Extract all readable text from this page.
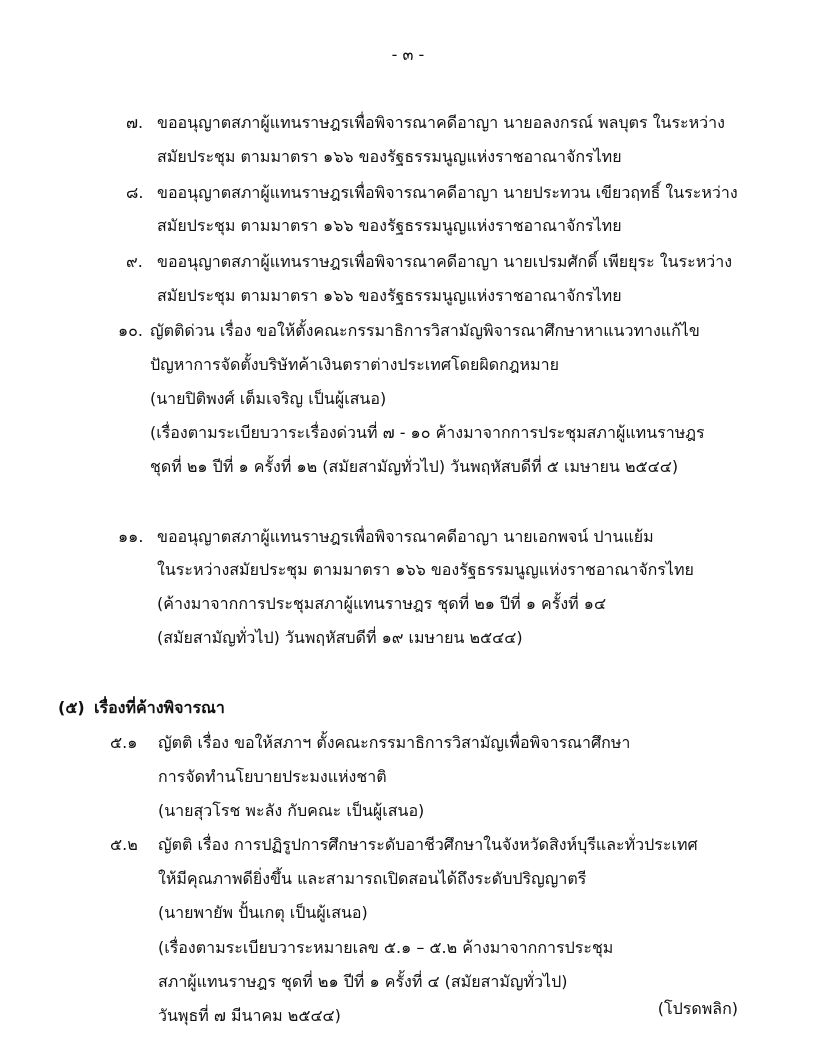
- ๓ -
๗. ขออนุญาตสภาผู้แทนราษฎรเพื่อพิจารณาคดีอาญา นายอลงกรณ์ พลบุตร ในระหว่าง
สมัยประชุม ตามมาตรา ๑๖๖ ของรัฐธรรมนูญแห่งราชอาณาจักรไทย
๘. ขออนุญาตสภาผู้แทนราษฎรเพื่อพิจารณาคดีอาญา นายประทวน เขียวฤทธิ์ ในระหว่าง
สมัยประชุม ตามมาตรา ๑๖๖ ของรัฐธรรมนูญแห่งราชอาณาจักรไทย
๙. ขออนุญาตสภาผู้แทนราษฎรเพื่อพิจารณาคดีอาญา นายเปรมศักดิ์ เพียยุระ ในระหว่าง
สมัยประชุม ตามมาตรา ๑๖๖ ของรัฐธรรมนูญแห่งราชอาณาจักรไทย
๑๐. ญัตติด่วน เรื่อง ขอให้ตั้งคณะกรรมาธิการวิสามัญพิจารณาศึกษาหาแนวทางแก้ไข
ปัญหาการจัดตั้งบริษัทค้าเงินตราต่างประเทศโดยผิดกฎหมาย
(นายปิติพงศ์ เต็มเจริญ เป็นผู้เสนอ)
(เรื่องตามระเบียบวาระเรื่องด่วนที่ ๗ - ๑๐ ค้างมาจากการประชุมสภาผู้แทนราษฎร
ชุดที่ ๒๑ ปีที่ ๑ ครั้งที่ ๑๒ (สมัยสามัญทั่วไป) วันพฤหัสบดีที่ ๕ เมษายน ๒๕๔๔)
๑๑. ขออนุญาตสภาผู้แทนราษฎรเพื่อพิจารณาคดีอาญา นายเอกพจน์ ปานแย้ม
ในระหว่างสมัยประชุม ตามมาตรา ๑๖๖ ของรัฐธรรมนูญแห่งราชอาณาจักรไทย
(ค้างมาจากการประชุมสภาผู้แทนราษฎร ชุดที่ ๒๑ ปีที่ ๑ ครั้งที่ ๑๔
(สมัยสามัญทั่วไป) วันพฤหัสบดีที่ ๑๙ เมษายน ๒๕๔๔)
(๕) เรื่องที่ค้างพิจารณา
๕.๑ ญัตติ เรื่อง ขอให้สภาฯ ตั้งคณะกรรมาธิการวิสามัญเพื่อพิจารณาศึกษา
การจัดทำนโยบายประมงแห่งชาติ
(นายสุวโรช พะลัง กับคณะ เป็นผู้เสนอ)
๕.๒ ญัตติ เรื่อง การปฏิรูปการศึกษาระดับอาชีวศึกษาในจังหวัดสิงห์บุรีและทั่วประเทศ
ให้มีคุณภาพดียิ่งขึ้น และสามารถเปิดสอนได้ถึงระดับปริญญาตรี
(นายพายัพ ปั้นเกตุ เป็นผู้เสนอ)
(เรื่องตามระเบียบวาระหมายเลข ๕.๑ – ๕.๒ ค้างมาจากการประชุม
สภาผู้แทนราษฎร ชุดที่ ๒๑ ปีที่ ๑ ครั้งที่ ๔ (สมัยสามัญทั่วไป)
วันพุธที่ ๗ มีนาคม ๒๕๔๔)	(โปรดพลิก)
